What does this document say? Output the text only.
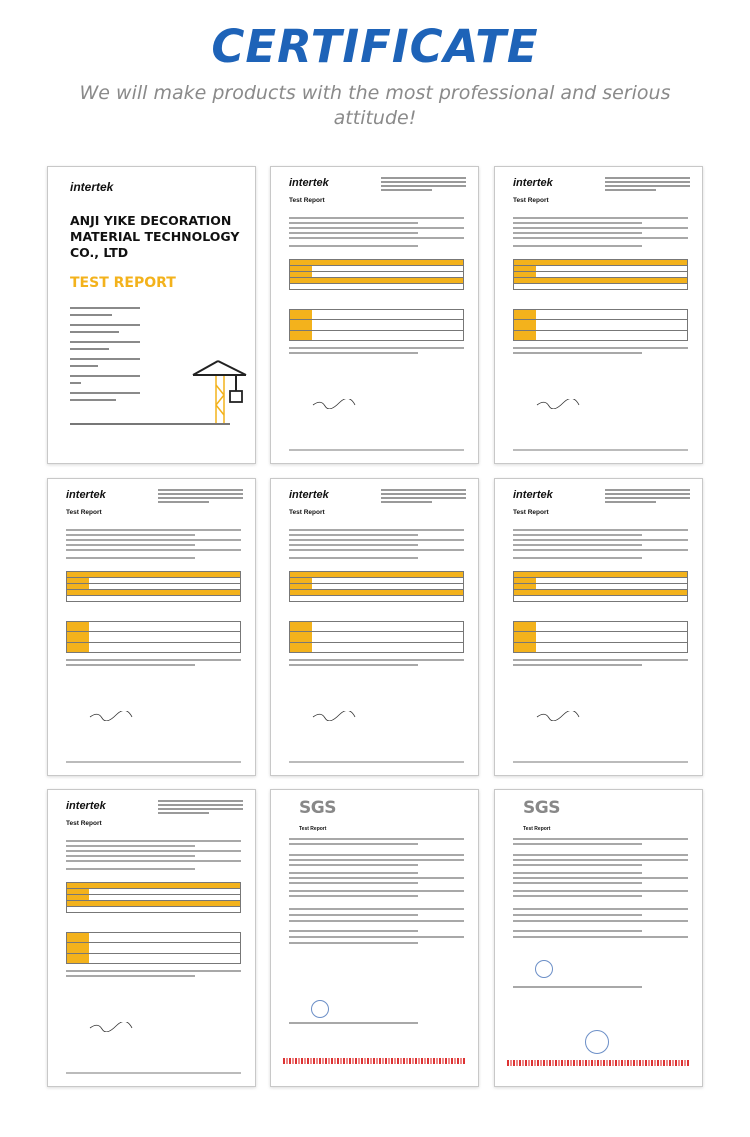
CERTIFICATE
We will make products with the most professional and serious attitude!
intertek
ANJI YIKE DECORATION MATERIAL TECHNOLOGY CO., LTD
TEST REPORT
intertek
Test Report
intertek
Test Report
intertek
Test Report
intertek
Test Report
intertek
Test Report
intertek
Test Report
SGS
Test Report
SGS
Test Report
